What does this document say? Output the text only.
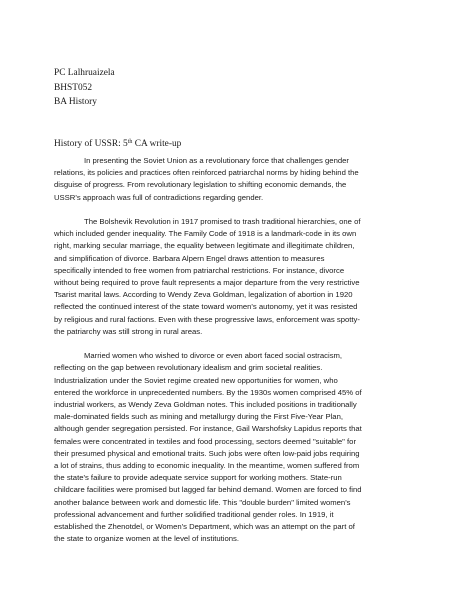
PC Lalhruaizela
BHST052
BA History
History of USSR: 5th CA write-up

In presenting the Soviet Union as a revolutionary force that challenges gender
relations, its policies and practices often reinforced patriarchal norms by hiding behind the
disguise of progress. From revolutionary legislation to shifting economic demands, the
USSR's approach was full of contradictions regarding gender.

The Bolshevik Revolution in 1917 promised to trash traditional hierarchies, one of
which included gender inequality. The Family Code of 1918 is a landmark-code in its own
right, marking secular marriage, the equality between legitimate and illegitimate children,
and simplification of divorce. Barbara Alpern Engel draws attention to measures
specifically intended to free women from patriarchal restrictions. For instance, divorce
without being required to prove fault represents a major departure from the very restrictive
Tsarist marital laws. According to Wendy Zeva Goldman, legalization of abortion in 1920
reflected the continued interest of the state toward women's autonomy, yet it was resisted
by religious and rural factions. Even with these progressive laws, enforcement was spotty-
the patriarchy was still strong in rural areas.

Married women who wished to divorce or even abort faced social ostracism,
reflecting on the gap between revolutionary idealism and grim societal realities.
Industrialization under the Soviet regime created new opportunities for women, who
entered the workforce in unprecedented numbers. By the 1930s women comprised 45% of
industrial workers, as Wendy Zeva Goldman notes. This included positions in traditionally
male-dominated fields such as mining and metallurgy during the First Five-Year Plan,
although gender segregation persisted. For instance, Gail Warshofsky Lapidus reports that
females were concentrated in textiles and food processing, sectors deemed "suitable" for
their presumed physical and emotional traits. Such jobs were often low-paid jobs requiring
a lot of strains, thus adding to economic inequality. In the meantime, women suffered from
the state's failure to provide adequate service support for working mothers. State-run
childcare facilities were promised but lagged far behind demand. Women are forced to find
another balance between work and domestic life. This "double burden" limited women's
professional advancement and further solidified traditional gender roles. In 1919, it
established the Zhenotdel, or Women's Department, which was an attempt on the part of
the state to organize women at the level of institutions.
